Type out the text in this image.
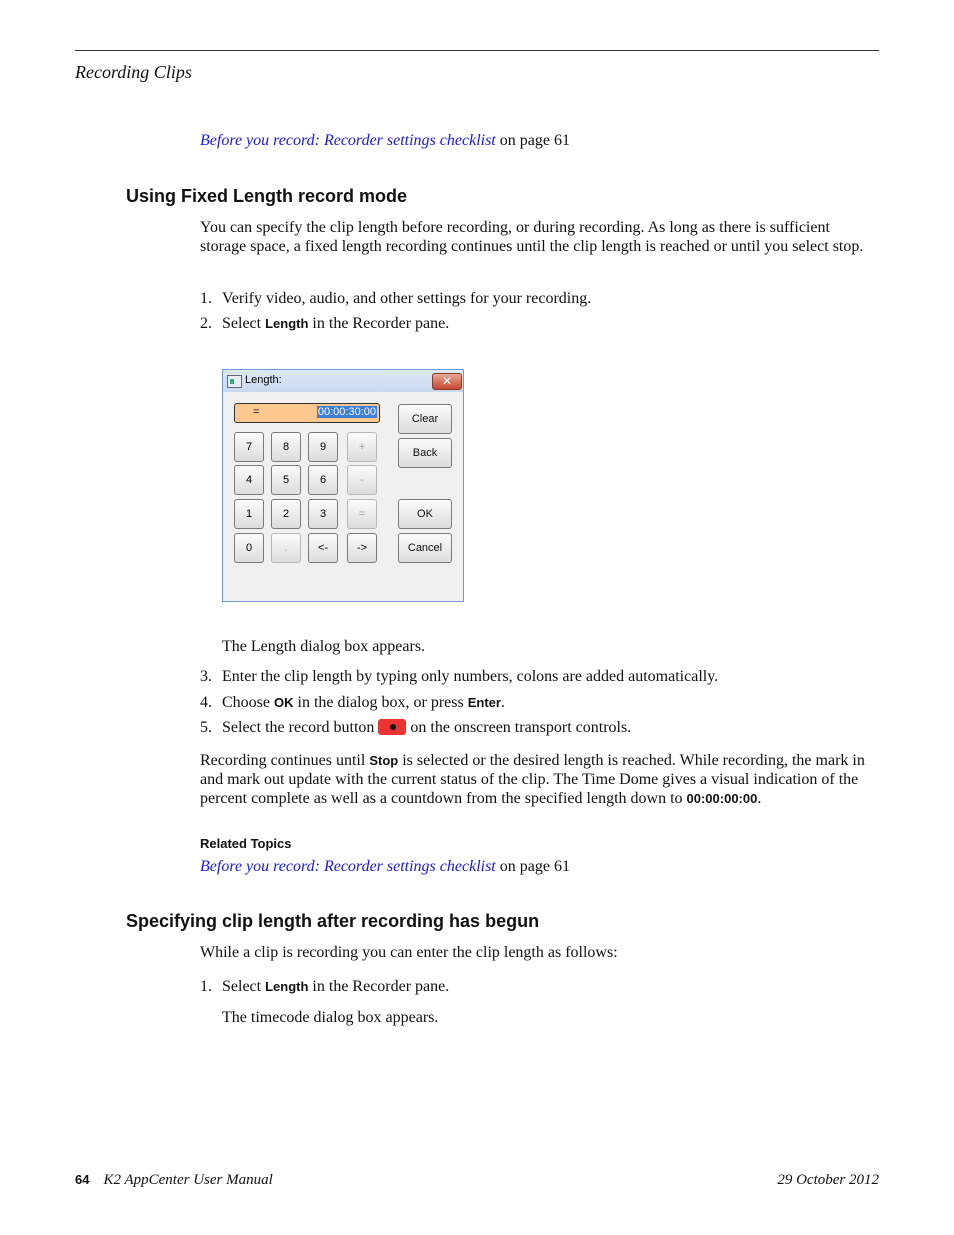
Recording Clips
Before you record: Recorder settings checklist on page 61
Using Fixed Length record mode
You can specify the clip length before recording, or during recording. As long as there is sufficient storage space, a fixed length recording continues until the clip length is reached or until you select stop.
1. Verify video, audio, and other settings for your recording.
2. Select Length in the Recorder pane.
Length:	✕
=	00:00:30:00
7	8	9	+
4	5	6	-
1	2	3	=
0	.	<-	->
Clear
Back
OK
Cancel
The Length dialog box appears.
3. Enter the clip length by typing only numbers, colons are added automatically.
4. Choose OK in the dialog box, or press Enter.
5. Select the record button  on the onscreen transport controls.
Recording continues until Stop is selected or the desired length is reached. While recording, the mark in and mark out update with the current status of the clip. The Time Dome gives a visual indication of the percent complete as well as a countdown from the specified length down to 00:00:00:00.
Related Topics
Before you record: Recorder settings checklist on page 61
Specifying clip length after recording has begun
While a clip is recording you can enter the clip length as follows:
1. Select Length in the Recorder pane.
The timecode dialog box appears.
64 K2 AppCenter User Manual	29 October 2012
